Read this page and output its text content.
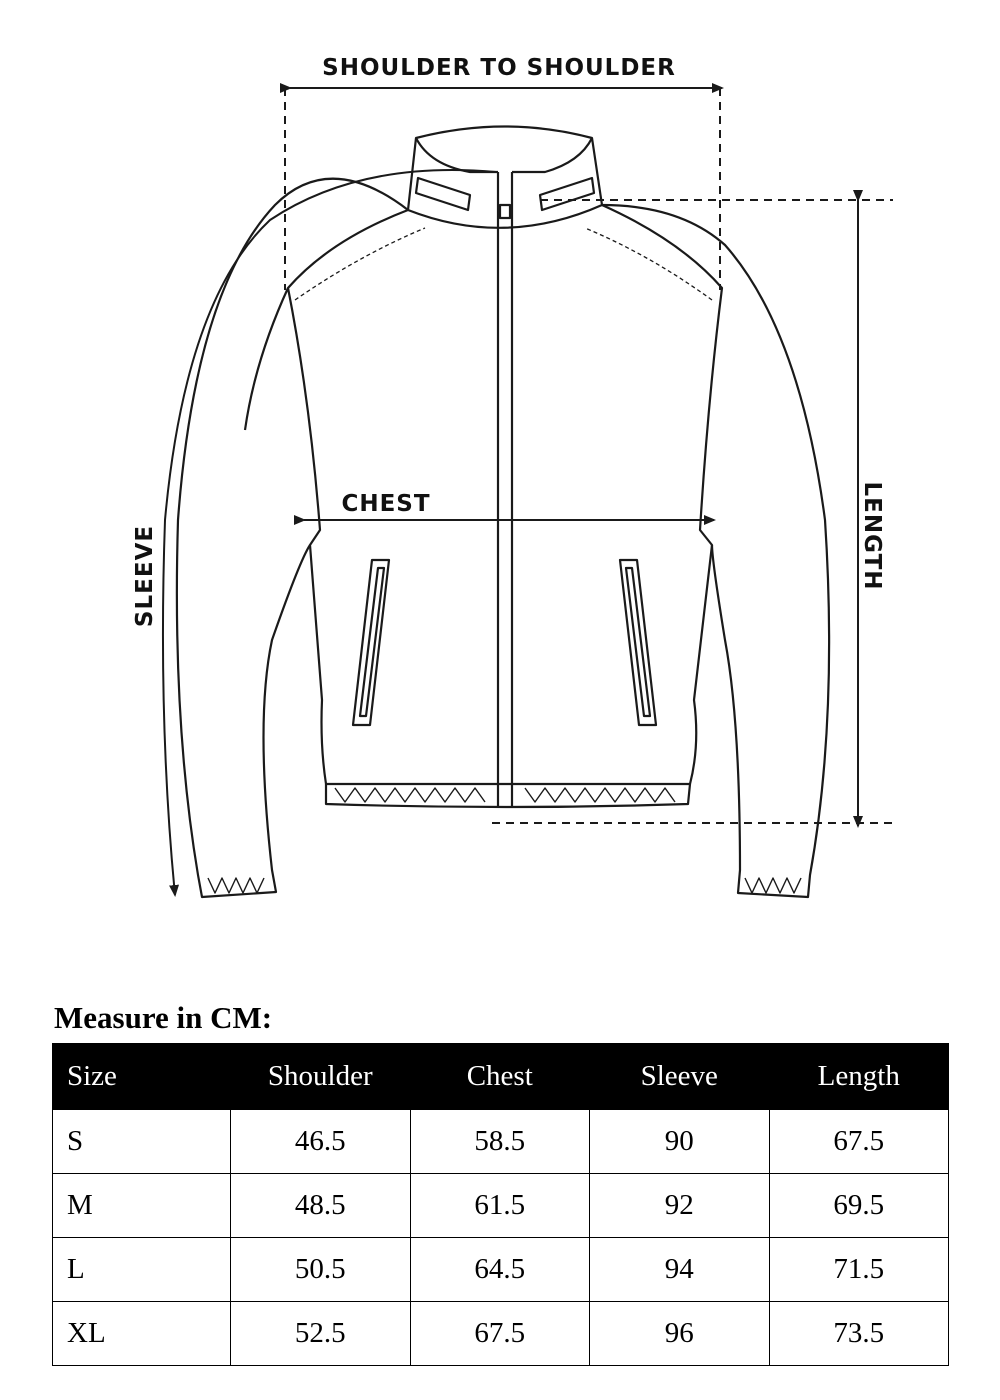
SHOULDER TO SHOULDER
CHEST
SLEEVE	LENGTH
Measure in CM:
Size	Shoulder	Chest	Sleeve	Length
S	46.5	58.5	90	67.5
M	48.5	61.5	92	69.5
L	50.5	64.5	94	71.5
XL	52.5	67.5	96	73.5
